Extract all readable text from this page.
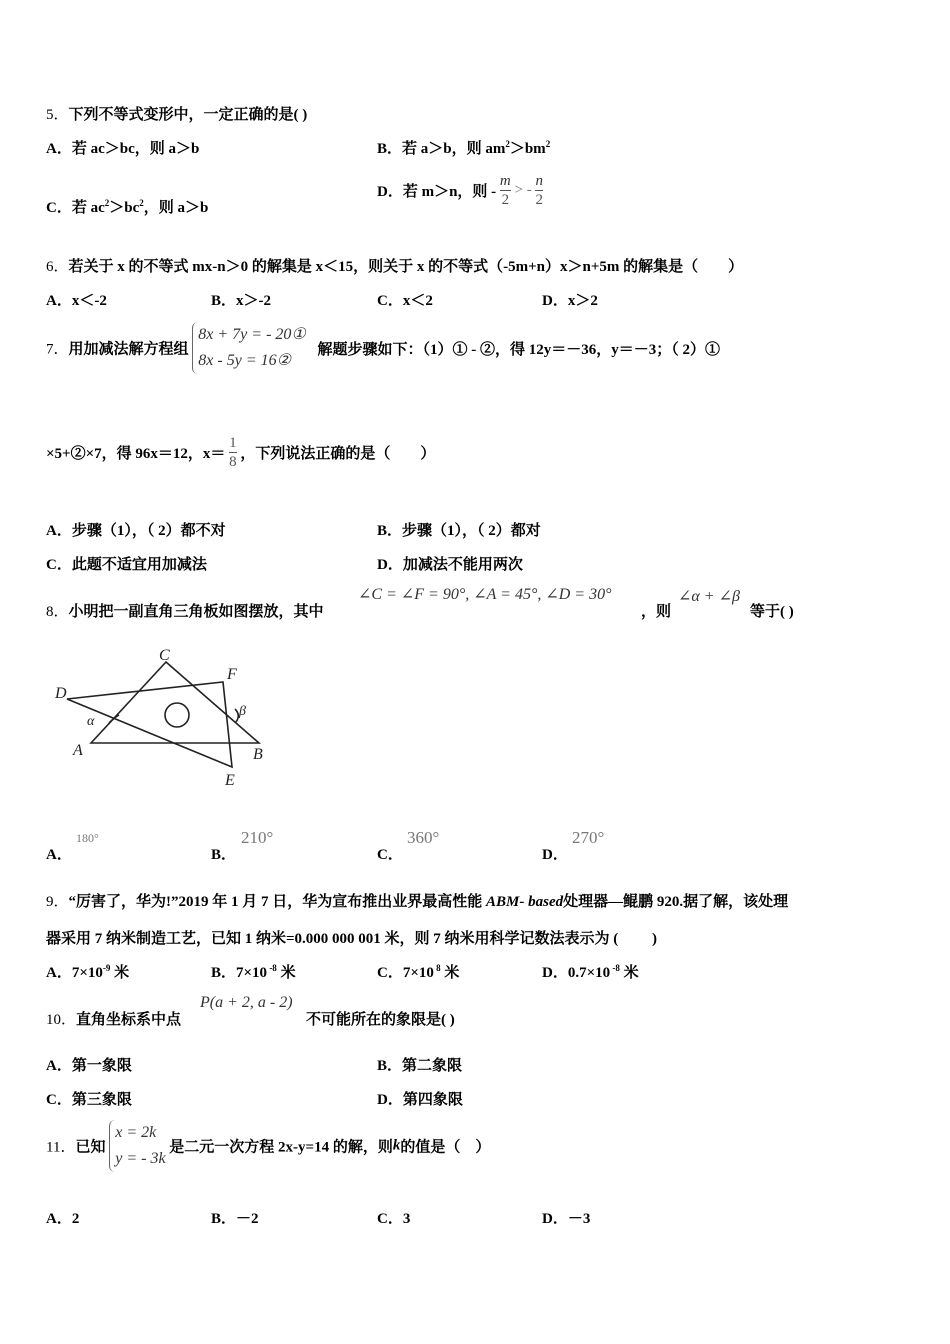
5．下列不等式变形中，一定正确的是( )
A．若 ac＞bc，则 a＞b	B．若 a＞b，则 $am^2>bm^2$
C．若 $ac^2>bc^2$，则 a＞b
D．若 m＞n，则 - $\frac{m}{2}$ > - $\frac{n}{2}$
6．若关于 x 的不等式 mx-n＞0 的解集是 x＜15，则关于 x 的不等式（-5m+n）x＞n+5m 的解集是（　　）
A．x＜-2	B．x＞-2	C．x＜2	D．x＞2
7．用加减法解方程组
8x + 7y = - 20①
8x - 5y = 16②
解题步骤如下：（1）① - ②，得 12y＝－36，y＝－3；（ 2）①
×5+②×7，得 96x＝12，$x= \frac{1}{8}$ ，下列说法正确的是（　　）
A．步骤（1），（ 2）都不对	B．步骤（1），（ 2）都对
C．此题不适宜用加减法	D．加减法不能用两次
8．小明把一副直角三角板如图摆放，其中
∠C = ∠F = 90°, ∠A = 45°, ∠D = 30°
，则
∠α + ∠β
等于( )
C
F
D
α
β
A	B
E
A．
180°
B．
210°
C．
360°
D．
270°
9．“厉害了，华为!”2019 年 1 月 7 日，华为宣布推出业界最高性能 ABM- based处理器—鲲鹏 920.据了解，该处理
器采用 7 纳米制造工艺，已知 1 纳米=0.000 000 001 米，则 7 纳米用科学记数法表示为 (　　 )
A．$7\times 10^{-9}$ 米	B．7×10 $^{-8}$ 米	C．7×10 $^8$ 米	D．0.7×10 $^{-8}$ 米
10．直角坐标系中点
P(a + 2, a - 2)
不可能所在的象限是( )
A．第一象限	B．第二象限
C．第三象限	D．第四象限
11．已知
x = 2k
y = - 3k
是二元一次方程 2x-y=14 的解，则k的值是（　）
A．2	B．－2	C．3	D．－3
